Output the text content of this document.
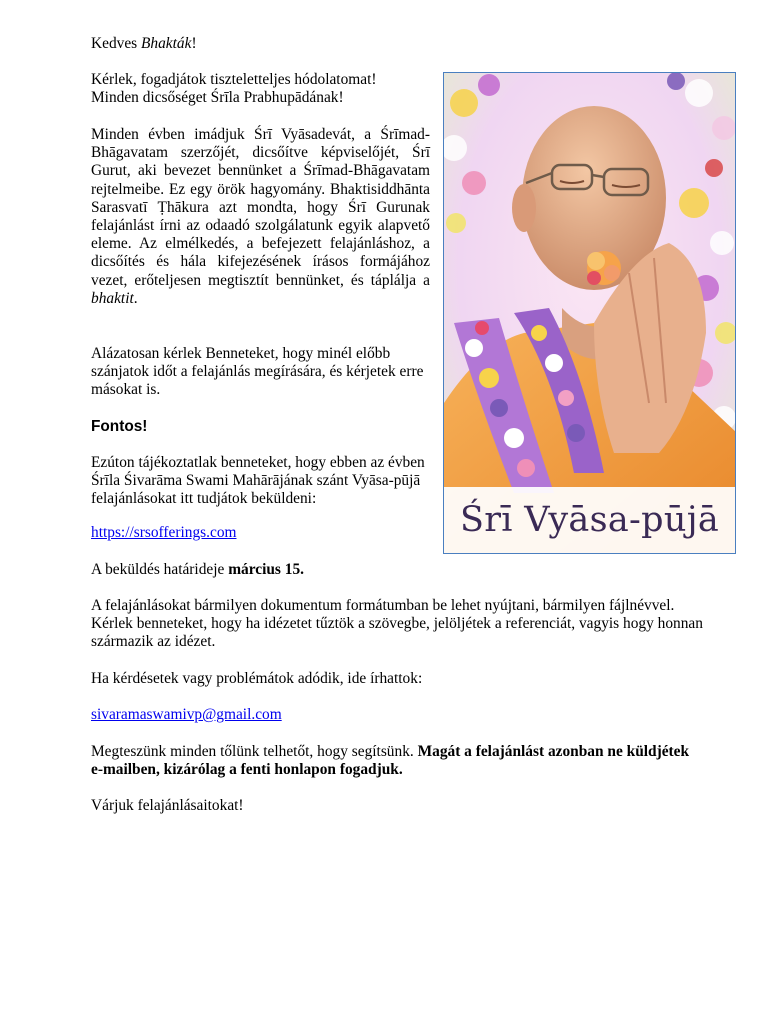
Kedves Bhakták!

Kérlek, fogadjátok tiszteletteljes hódolatomat!
Minden dicsőséget Śrīla Prabhupādának!

Minden évben imádjuk Śrī Vyāsadevát, a Śrīmad-Bhāgavatam szerzőjét, dicsőítve képviselőjét, Śrī Gurut, aki bevezet bennünket a Śrīmad-Bhāgavatam rejtelmeibe. Ez egy örök hagyomány. Bhaktisiddhānta Sarasvatī Ṭhākura azt mondta, hogy Śrī Gurunak felajánlást írni az odaadó szolgálatunk egyik alapvető eleme. Az elmélkedés, a befejezett felajánláshoz, a dicsőítés és hála kifejezésének írásos formájához vezet, erőteljesen megtisztít bennünket, és táplálja a bhaktit.

Alázatosan kérlek Benneteket, hogy minél előbb szánjatok időt a felajánlás megírására, és kérjetek erre másokat is.

Fontos!

Ezúton tájékoztatlak benneteket, hogy ebben az évben Śrīla Śivarāma Swami Mahārājának szánt Vyāsa-pūjā felajánlásokat itt tudjátok beküldeni:

https://srsofferings.com

A beküldés határideje március 15.

A felajánlásokat bármilyen dokumentum formátumban be lehet nyújtani, bármilyen fájlnévvel. Kérlek benneteket, hogy ha idézetet tűztök a szövegbe, jelöljétek a referenciát, vagyis hogy honnan származik az idézet.

Ha kérdésetek vagy problémátok adódik, ide írhattok:

sivaramaswamivp@gmail.com

Megteszünk minden tőlünk telhetőt, hogy segítsünk. Magát a felajánlást azonban ne küldjétek e-mailben, kizárólag a fenti honlapon fogadjuk.

Várjuk felajánlásaitokat!

Śrī Vyāsa-pūjā
